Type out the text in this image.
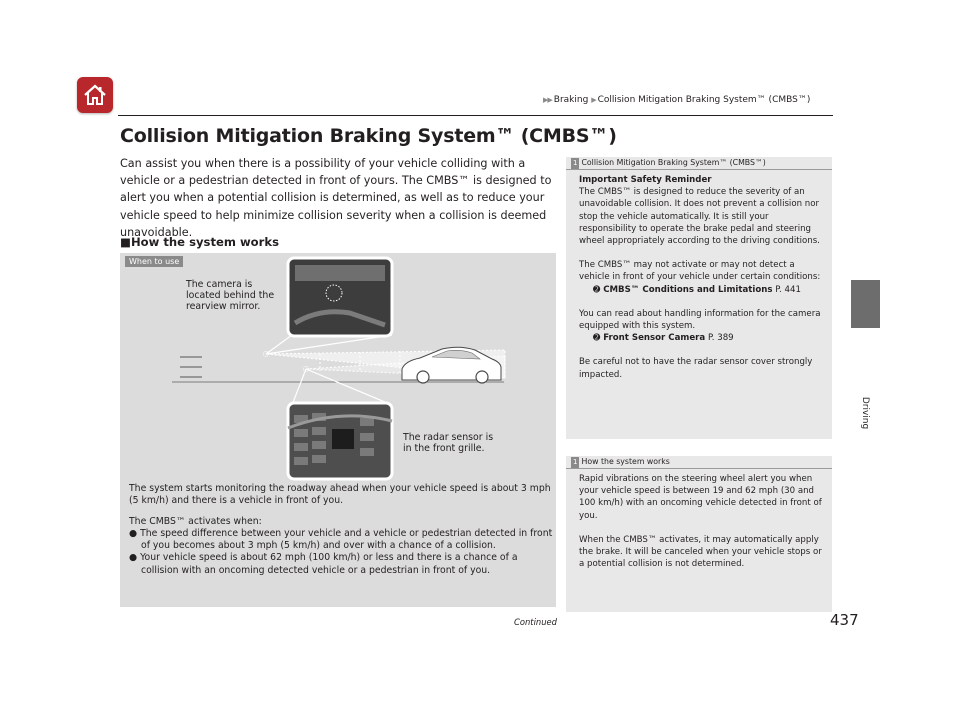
▶▶ Braking ▶ Collision Mitigation Braking System™ (CMBS™)
Driving
Collision Mitigation Braking System™ (CMBS™)
Can assist you when there is a possibility of your vehicle colliding with a vehicle or a pedestrian detected in front of yours. The CMBS™ is designed to alert you when a potential collision is determined, as well as to reduce your vehicle speed to help minimize collision severity when a collision is deemed unavoidable.
■How the system works
When to use
The camera is located behind the rearview mirror.
The radar sensor is in the front grille.

The system starts monitoring the roadway ahead when your vehicle speed is about 3 mph (5 km/h) and there is a vehicle in front of you.

The CMBS™ activates when:

● The speed difference between your vehicle and a vehicle or pedestrian detected in front of you becomes about 3 mph (5 km/h) and over with a chance of a collision.

● Your vehicle speed is about 62 mph (100 km/h) or less and there is a chance of a collision with an oncoming detected vehicle or a pedestrian in front of you.

1 Collision Mitigation Braking System™ (CMBS™)

Important Safety Reminder

The CMBS™ is designed to reduce the severity of an unavoidable collision. It does not prevent a collision nor stop the vehicle automatically. It is still your responsibility to operate the brake pedal and steering wheel appropriately according to the driving conditions.

The CMBS™ may not activate or may not detect a vehicle in front of your vehicle under certain conditions:

➋ CMBS™ Conditions and Limitations P. 441

You can read about handling information for the camera equipped with this system.

➋ Front Sensor Camera P. 389

Be careful not to have the radar sensor cover strongly impacted.

1 How the system works

Rapid vibrations on the steering wheel alert you when your vehicle speed is between 19 and 62 mph (30 and 100 km/h) with an oncoming vehicle detected in front of you.

When the CMBS™ activates, it may automatically apply the brake. It will be canceled when your vehicle stops or a potential collision is not determined.

Continued	437
